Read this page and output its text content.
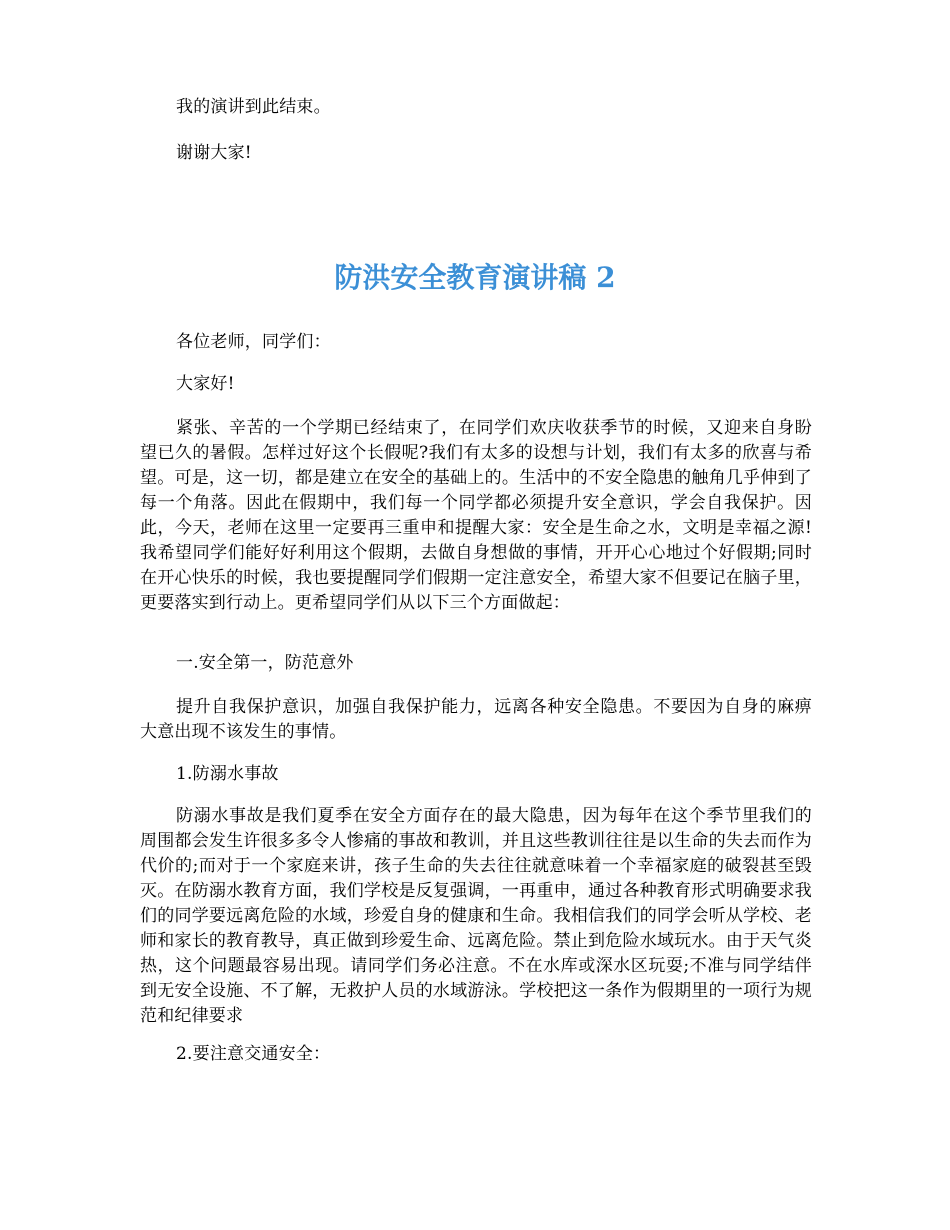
我的演讲到此结束。

谢谢大家!

防洪安全教育演讲稿 2

各位老师，同学们：

大家好!

紧张、辛苦的一个学期已经结束了，在同学们欢庆收获季节的时候，又迎来自身盼望已久的暑假。怎样过好这个长假呢?我们有太多的设想与计划，我们有太多的欣喜与希望。可是，这一切，都是建立在安全的基础上的。生活中的不安全隐患的触角几乎伸到了每一个角落。因此在假期中，我们每一个同学都必须提升安全意识，学会自我保护。因此，今天，老师在这里一定要再三重申和提醒大家：安全是生命之水，文明是幸福之源!我希望同学们能好好利用这个假期，去做自身想做的事情，开开心心地过个好假期;同时在开心快乐的时候，我也要提醒同学们假期一定注意安全，希望大家不但要记在脑子里，更要落实到行动上。更希望同学们从以下三个方面做起：

一.安全第一，防范意外

提升自我保护意识，加强自我保护能力，远离各种安全隐患。不要因为自身的麻痹大意出现不该发生的事情。

1.防溺水事故

防溺水事故是我们夏季在安全方面存在的最大隐患，因为每年在这个季节里我们的周围都会发生许很多多令人惨痛的事故和教训，并且这些教训往往是以生命的失去而作为代价的;而对于一个家庭来讲，孩子生命的失去往往就意味着一个幸福家庭的破裂甚至毁灭。在防溺水教育方面，我们学校是反复强调，一再重申，通过各种教育形式明确要求我们的同学要远离危险的水域，珍爱自身的健康和生命。我相信我们的同学会听从学校、老师和家长的教育教导，真正做到珍爱生命、远离危险。禁止到危险水域玩水。由于天气炎热，这个问题最容易出现。请同学们务必注意。不在水库或深水区玩耍;不准与同学结伴到无安全设施、不了解，无救护人员的水域游泳。学校把这一条作为假期里的一项行为规范和纪律要求

2.要注意交通安全：
